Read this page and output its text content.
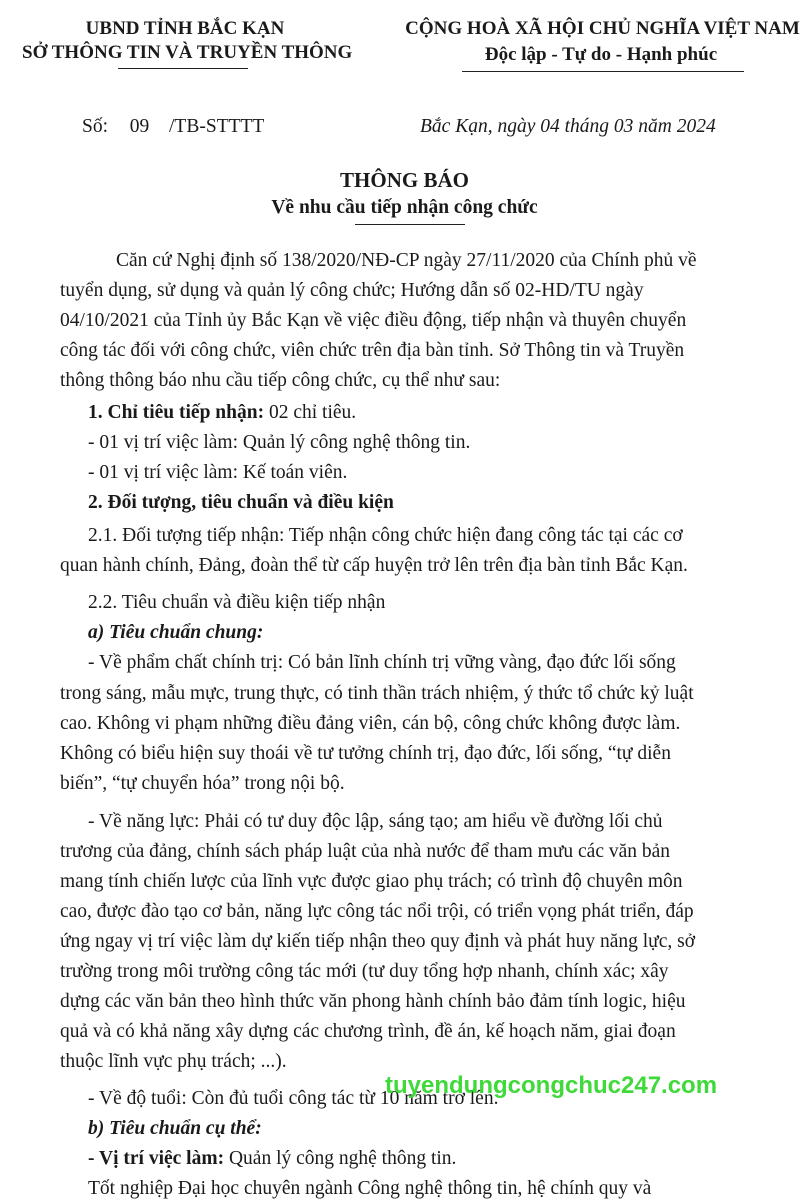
UBND TỈNH BẮC KẠN
SỞ THÔNG TIN VÀ TRUYỀN THÔNG
CỘNG HOÀ XÃ HỘI CHỦ NGHĨA VIỆT NAM
Độc lập - Tự do - Hạnh phúc
Số: 09 /TB-STTTT	Bắc Kạn, ngày 04 tháng 03 năm 2024
THÔNG BÁO
Về nhu cầu tiếp nhận công chức
Căn cứ Nghị định số 138/2020/NĐ-CP ngày 27/11/2020 của Chính phủ về
tuyển dụng, sử dụng và quản lý công chức; Hướng dẫn số 02-HD/TU ngày
04/10/2021 của Tỉnh ủy Bắc Kạn về việc điều động, tiếp nhận và thuyên chuyển
công tác đối với công chức, viên chức trên địa bàn tỉnh. Sở Thông tin và Truyền
thông thông báo nhu cầu tiếp công chức, cụ thể như sau:
1. Chỉ tiêu tiếp nhận: 02 chỉ tiêu.
- 01 vị trí việc làm: Quản lý công nghệ thông tin.
- 01 vị trí việc làm: Kế toán viên.
2. Đối tượng, tiêu chuẩn và điều kiện
2.1. Đối tượng tiếp nhận: Tiếp nhận công chức hiện đang công tác tại các cơ
quan hành chính, Đảng, đoàn thể từ cấp huyện trở lên trên địa bàn tỉnh Bắc Kạn.
2.2. Tiêu chuẩn và điều kiện tiếp nhận
a) Tiêu chuẩn chung:
- Về phẩm chất chính trị: Có bản lĩnh chính trị vững vàng, đạo đức lối sống
trong sáng, mẫu mực, trung thực, có tinh thần trách nhiệm, ý thức tổ chức kỷ luật
cao. Không vi phạm những điều đảng viên, cán bộ, công chức không được làm.
Không có biểu hiện suy thoái về tư tưởng chính trị, đạo đức, lối sống, “tự diễn
biến”, “tự chuyển hóa” trong nội bộ.
- Về năng lực: Phải có tư duy độc lập, sáng tạo; am hiểu về đường lối chủ
trương của đảng, chính sách pháp luật của nhà nước để tham mưu các văn bản
mang tính chiến lược của lĩnh vực được giao phụ trách; có trình độ chuyên môn
cao, được đào tạo cơ bản, năng lực công tác nổi trội, có triển vọng phát triển, đáp
ứng ngay vị trí việc làm dự kiến tiếp nhận theo quy định và phát huy năng lực, sở
trường trong môi trường công tác mới (tư duy tổng hợp nhanh, chính xác; xây
dựng các văn bản theo hình thức văn phong hành chính bảo đảm tính logic, hiệu
quả và có khả năng xây dựng các chương trình, đề án, kế hoạch năm, giai đoạn
thuộc lĩnh vực phụ trách; ...).
- Về độ tuổi: Còn đủ tuổi công tác từ 10 năm trở lên.
b) Tiêu chuẩn cụ thể:
- Vị trí việc làm: Quản lý công nghệ thông tin.
Tốt nghiệp Đại học chuyên ngành Công nghệ thông tin, hệ chính quy và
tuyendungcongchuc247.com
